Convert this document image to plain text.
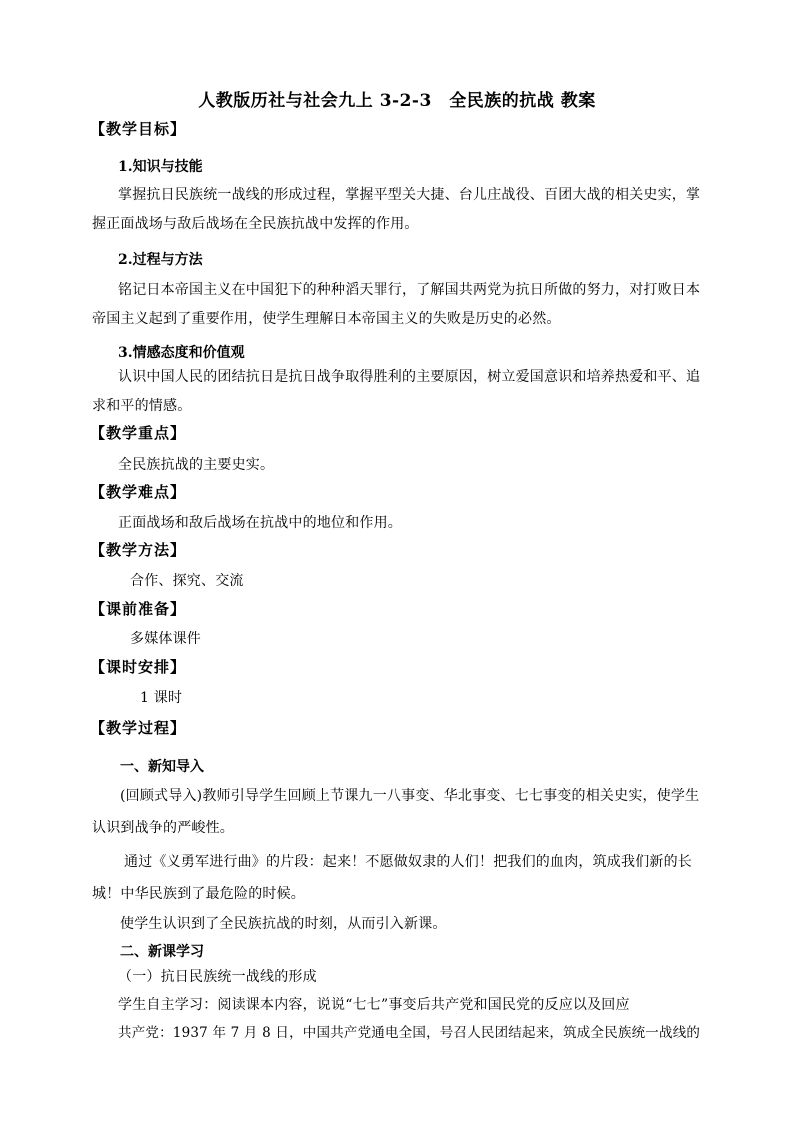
人教版历社与社会九上 3-2-3　全民族的抗战 教案
【教学目标】
1.知识与技能
掌握抗日民族统一战线的形成过程，掌握平型关大捷、台儿庄战役、百团大战的相关史实，掌握正面战场与敌后战场在全民族抗战中发挥的作用。
2.过程与方法
铭记日本帝国主义在中国犯下的种种滔天罪行，了解国共两党为抗日所做的努力，对打败日本帝国主义起到了重要作用，使学生理解日本帝国主义的失败是历史的必然。
3.情感态度和价值观
认识中国人民的团结抗日是抗日战争取得胜利的主要原因，树立爱国意识和培养热爱和平、追求和平的情感。
【教学重点】
全民族抗战的主要史实。
【教学难点】
正面战场和敌后战场在抗战中的地位和作用。
【教学方法】
合作、探究、交流
【课前准备】
多媒体课件
【课时安排】
1 课时
【教学过程】
一、新知导入
(回顾式导入)教师引导学生回顾上节课九一八事变、华北事变、七七事变的相关史实，使学生认识到战争的严峻性。
通过《义勇军进行曲》的片段：起来！不愿做奴隶的人们！把我们的血肉，筑成我们新的长城！中华民族到了最危险的时候。
使学生认识到了全民族抗战的时刻，从而引入新课。
二、新课学习
（一）抗日民族统一战线的形成
学生自主学习：阅读课本内容，说说“七七”事变后共产党和国民党的反应以及回应
共产党：1937 年 7 月 8 日，中国共产党通电全国，号召人民团结起来，筑成全民族统一战线的
